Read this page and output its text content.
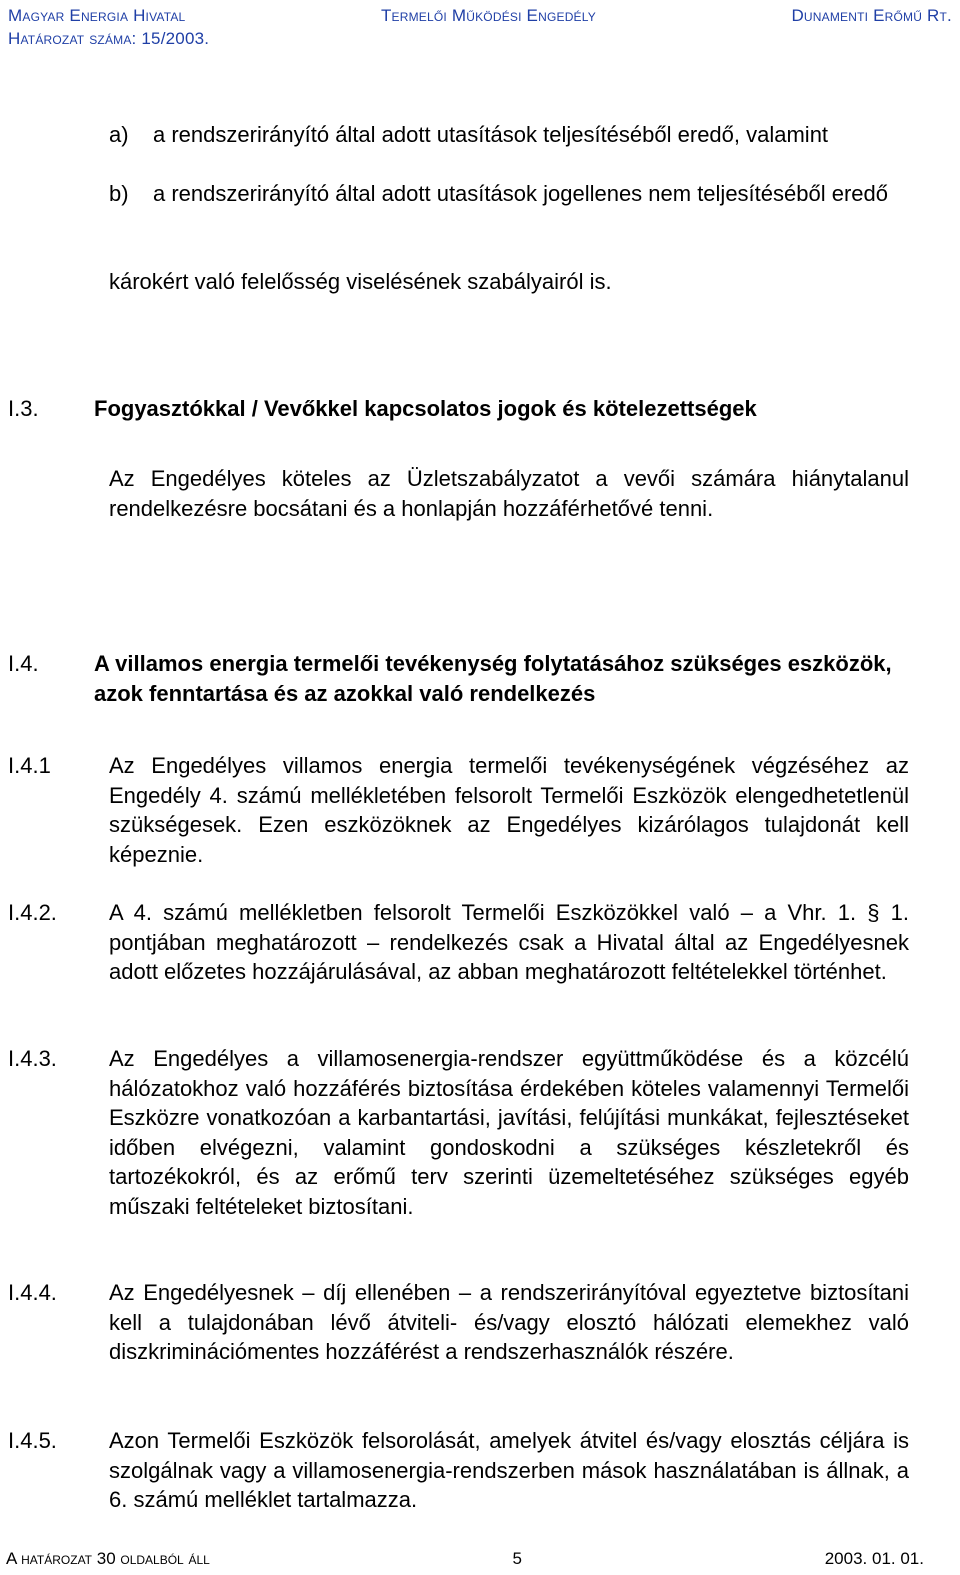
Magyar Energia Hivatal	Termelői Működési Engedély	Dunamenti Erőmű Rt.
Határozat száma: 15/2003.
a) a rendszerirányító által adott utasítások teljesítéséből eredő, valamint

b) a rendszerirányító által adott utasítások jogellenes nem teljesítéséből eredő

károkért való felelősség viselésének szabályairól is.

I.3.	Fogyasztókkal / Vevőkkel kapcsolatos jogok és kötelezettségek

Az Engedélyes köteles az Üzletszabályzatot a vevői számára hiánytalanul rendelkezésre bocsátani és a honlapján hozzáférhetővé tenni.

I.4.	A villamos energia termelői tevékenység folytatásához szükséges eszközök, azok fenntartása és az azokkal való rendelkezés

I.4.1	Az Engedélyes villamos energia termelői tevékenységének végzéséhez az Engedély 4. számú mellékletében felsorolt Termelői Eszközök elengedhetetlenül szükségesek. Ezen eszközöknek az Engedélyes kizárólagos tulajdonát kell képeznie.

I.4.2. A 4. számú mellékletben felsorolt Termelői Eszközökkel való – a Vhr. 1. § 1. pontjában meghatározott – rendelkezés csak a Hivatal által az Engedélyesnek adott előzetes hozzájárulásával, az abban meghatározott feltételekkel történhet.

I.4.3. Az Engedélyes a villamosenergia-rendszer együttműködése és a közcélú hálózatokhoz való hozzáférés biztosítása érdekében köteles valamennyi Termelői Eszközre vonatkozóan a karbantartási, javítási, felújítási munkákat, fejlesztéseket időben elvégezni, valamint gondoskodni a szükséges készletekről és tartozékokról, és az erőmű terv szerinti üzemeltetéséhez szükséges egyéb műszaki feltételeket biztosítani.

I.4.4. Az Engedélyesnek – díj ellenében – a rendszerirányítóval egyeztetve biztosítani kell a tulajdonában lévő átviteli- és/vagy elosztó hálózati elemekhez való diszkriminációmentes hozzáférést a rendszerhasználók részére.

I.4.5. Azon Termelői Eszközök felsorolását, amelyek átvitel és/vagy elosztás céljára is szolgálnak vagy a villamosenergia-rendszerben mások használatában is állnak, a 6. számú melléklet tartalmazza.

A határozat 30 oldalból áll	5	2003. 01. 01.
